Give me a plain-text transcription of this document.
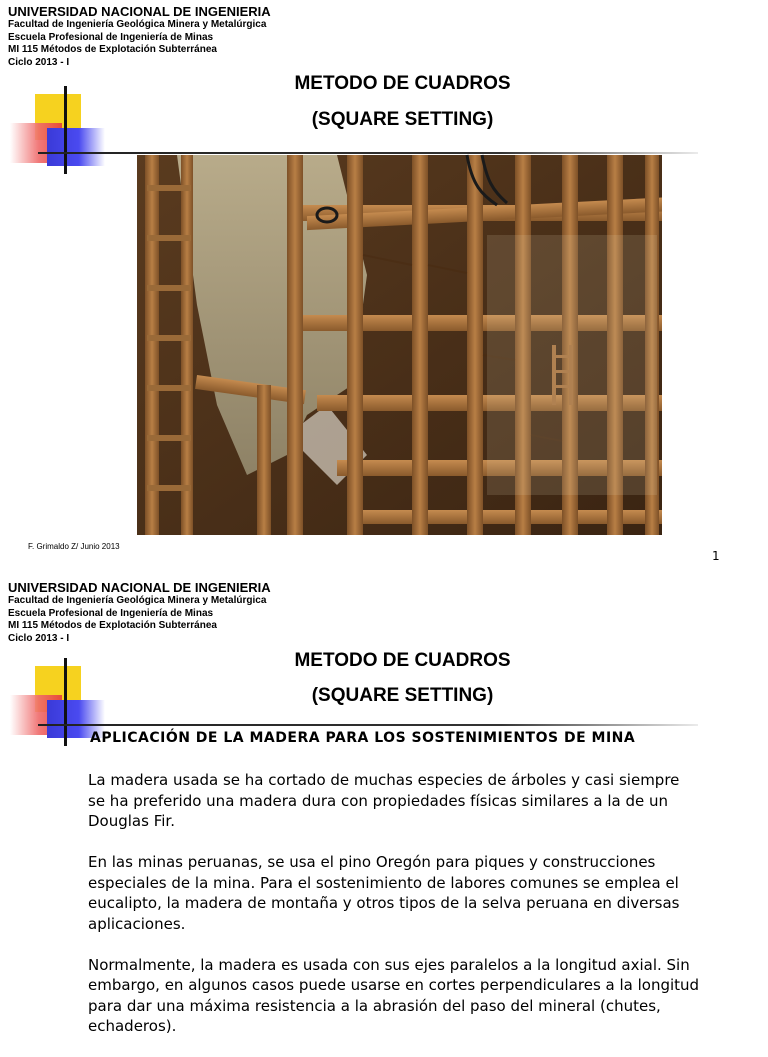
UNIVERSIDAD NACIONAL DE INGENIERIA
Facultad de Ingeniería Geológica Minera y Metalúrgica
Escuela Profesional de Ingeniería de Minas
MI 115 Métodos de Explotación Subterránea
Ciclo 2013 - I
METODO DE CUADROS
(SQUARE SETTING)
F. Grimaldo Z/ Junio 2013
1
UNIVERSIDAD NACIONAL DE INGENIERIA
Facultad de Ingeniería Geológica Minera y Metalúrgica
Escuela Profesional de Ingeniería de Minas
MI 115 Métodos de Explotación Subterránea
Ciclo 2013 - I
METODO DE CUADROS
(SQUARE SETTING)
APLICACIÓN DE LA MADERA PARA LOS SOSTENIMIENTOS DE MINA

La madera usada se ha cortado de muchas especies de árboles y casi siempre se ha preferido una madera dura con propiedades físicas similares a la de un Douglas Fir.

En las minas peruanas, se usa el pino Oregón para piques y construcciones especiales de la mina. Para el sostenimiento de labores comunes se emplea el eucalipto, la madera de montaña y otros tipos de la selva peruana en diversas aplicaciones.

Normalmente, la madera es usada con sus ejes paralelos a la longitud axial. Sin embargo, en algunos casos puede usarse en cortes perpendiculares a la longitud para dar una máxima resistencia a la abrasión del paso del mineral (chutes, echaderos).
